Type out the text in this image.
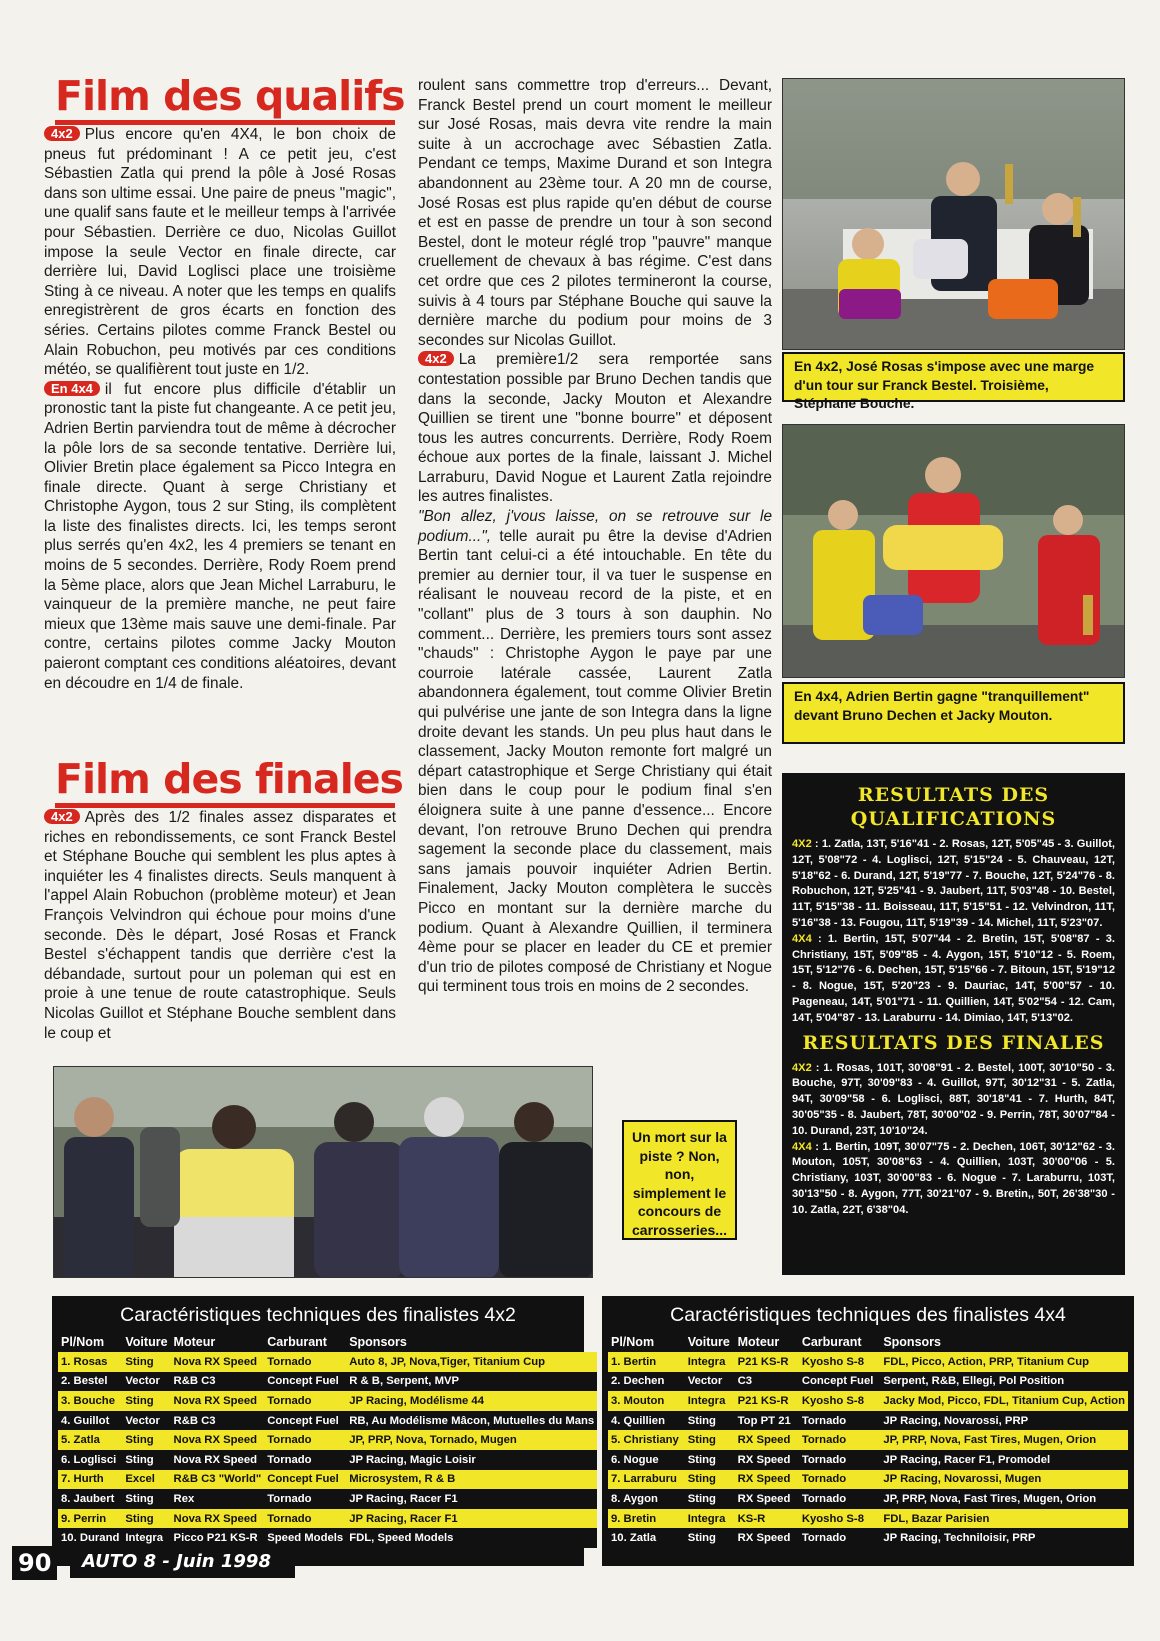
Film des qualifs

4x2 Plus encore qu'en 4X4, le bon choix de pneus fut prédominant ! A ce petit jeu, c'est Sébastien Zatla qui prend la pôle à José Rosas dans son ultime essai. Une paire de pneus "magic", une qualif sans faute et le meilleur temps à l'arrivée pour Sébastien. Derrière ce duo, Nicolas Guillot impose la seule Vector en finale directe, car derrière lui, David Loglisci place une troisième Sting à ce niveau. A noter que les temps en qualifs enregistrèrent de gros écarts en fonction des séries. Certains pilotes comme Franck Bestel ou Alain Robuchon, peu motivés par ces conditions météo, se qualifièrent tout juste en 1/2.

En 4x4 il fut encore plus difficile d'établir un pronostic tant la piste fut changeante. A ce petit jeu, Adrien Bertin parviendra tout de même à décrocher la pôle lors de sa seconde tentative. Derrière lui, Olivier Bretin place également sa Picco Integra en finale directe. Quant à serge Christiany et Christophe Aygon, tous 2 sur Sting, ils complètent la liste des finalistes directs. Ici, les temps seront plus serrés qu'en 4x2, les 4 premiers se tenant en moins de 5 secondes. Derrière, Rody Roem prend la 5ème place, alors que Jean Michel Larraburu, le vainqueur de la première manche, ne peut faire mieux que 13ème mais sauve une demi-finale. Par contre, certains pilotes comme Jacky Mouton paieront comptant ces conditions aléatoires, devant en découdre en 1/4 de finale.

Film des finales

4x2 Après des 1/2 finales assez disparates et riches en rebondissements, ce sont Franck Bestel et Stéphane Bouche qui semblent les plus aptes à inquiéter les 4 finalistes directs. Seuls manquent à l'appel Alain Robuchon (problème moteur) et Jean François Velvindron qui échoue pour moins d'une seconde. Dès le départ, José Rosas et Franck Bestel s'échappent tandis que derrière c'est la débandade, surtout pour un poleman qui est en proie à une tenue de route catastrophique. Seuls Nicolas Guillot et Stéphane Bouche semblent dans le coup et

roulent sans commettre trop d'erreurs... Devant, Franck Bestel prend un court moment le meilleur sur José Rosas, mais devra vite rendre la main suite à un accrochage avec Sébastien Zatla. Pendant ce temps, Maxime Durand et son Integra abandonnent au 23ème tour. A 20 mn de course, José Rosas est plus rapide qu'en début de course et est en passe de prendre un tour à son second Bestel, dont le moteur réglé trop "pauvre" manque cruellement de chevaux à bas régime. C'est dans cet ordre que ces 2 pilotes termineront la course, suivis à 4 tours par Stéphane Bouche qui sauve la dernière marche du podium pour moins de 3 secondes sur Nicolas Guillot.

4x2 La première1/2 sera remportée sans contestation possible par Bruno Dechen tandis que dans la seconde, Jacky Mouton et Alexandre Quillien se tirent une "bonne bourre" et déposent tous les autres concurrents. Derrière, Rody Roem échoue aux portes de la finale, laissant J. Michel Larraburu, David Nogue et Laurent Zatla rejoindre les autres finalistes.

"Bon allez, j'vous laisse, on se retrouve sur le podium...", telle aurait pu être la devise d'Adrien Bertin tant celui-ci a été intouchable. En tête du premier au dernier tour, il va tuer le suspense en réalisant le nouveau record de la piste, et en "collant" plus de 3 tours à son dauphin. No comment... Derrière, les premiers tours sont assez "chauds" : Christophe Aygon le paye par une courroie latérale cassée, Laurent Zatla abandonnera également, tout comme Olivier Bretin qui pulvérise une jante de son Integra dans la ligne droite devant les stands. Un peu plus haut dans le classement, Jacky Mouton remonte fort malgré un départ catastrophique et Serge Christiany qui était bien dans le coup pour le podium final s'en éloignera suite à une panne d'essence... Encore devant, l'on retrouve Bruno Dechen qui prendra sagement la seconde place du classement, mais sans jamais pouvoir inquiéter Adrien Bertin. Finalement, Jacky Mouton complètera le succès Picco en montant sur la dernière marche du podium. Quant à Alexandre Quillien, il terminera 4ème pour se placer en leader du CE et premier d'un trio de pilotes composé de Christiany et Nogue qui terminent tous trois en moins de 2 secondes.

En 4x2, José Rosas s'impose avec une marge d'un tour sur Franck Bestel. Troisième, Stéphane Bouche.
En 4x4, Adrien Bertin gagne "tranquillement" devant Bruno Dechen et Jacky Mouton.
RESULTATS DES QUALIFICATIONS

4X2 : 1. Zatla, 13T, 5'16"41 - 2. Rosas, 12T, 5'05"45 - 3. Guillot, 12T, 5'08"72 - 4. Loglisci, 12T, 5'15"24 - 5. Chauveau, 12T, 5'18"62 - 6. Durand, 12T, 5'19"77 - 7. Bouche, 12T, 5'24"76 - 8. Robuchon, 12T, 5'25"41 - 9. Jaubert, 11T, 5'03"48 - 10. Bestel, 11T, 5'15"38 - 11. Boisseau, 11T, 5'15"51 - 12. Velvindron, 11T, 5'16"38 - 13. Fougou, 11T, 5'19"39 - 14. Michel, 11T, 5'23"07.

4X4 : 1. Bertin, 15T, 5'07"44 - 2. Bretin, 15T, 5'08"87 - 3. Christiany, 15T, 5'09"85 - 4. Aygon, 15T, 5'10"12 - 5. Roem, 15T, 5'12"76 - 6. Dechen, 15T, 5'15"66 - 7. Bitoun, 15T, 5'19"12 - 8. Nogue, 15T, 5'20"23 - 9. Dauriac, 14T, 5'00"57 - 10. Pageneau, 14T, 5'01"71 - 11. Quillien, 14T, 5'02"54 - 12. Cam, 14T, 5'04"87 - 13. Laraburru - 14. Dimiao, 14T, 5'13"02.

RESULTATS DES FINALES

4X2 : 1. Rosas, 101T, 30'08"91 - 2. Bestel, 100T, 30'10"50 - 3. Bouche, 97T, 30'09"83 - 4. Guillot, 97T, 30'12"31 - 5. Zatla, 94T, 30'09"58 - 6. Loglisci, 88T, 30'18"41 - 7. Hurth, 84T, 30'05"35 - 8. Jaubert, 78T, 30'00"02 - 9. Perrin, 78T, 30'07"84 - 10. Durand, 23T, 10'10"24.

4X4 : 1. Bertin, 109T, 30'07"75 - 2. Dechen, 106T, 30'12"62 - 3. Mouton, 105T, 30'08"63 - 4. Quillien, 103T, 30'00"06 - 5. Christiany, 103T, 30'00"83 - 6. Nogue - 7. Laraburru, 103T, 30'13"50 - 8. Aygon, 77T, 30'21"07 - 9. Bretin,, 50T, 26'38"30 - 10. Zatla, 22T, 6'38"04.

Un mort sur la piste ? Non, non, simplement le concours de carrosseries...
Caractéristiques techniques des finalistes 4x2
Pl/Nom	Voiture	Moteur	Carburant	Sponsors
1. Rosas	Sting	Nova RX Speed	Tornado	Auto 8, JP, Nova,Tiger, Titanium Cup
2. Bestel	Vector	R&B C3	Concept Fuel	R & B, Serpent, MVP
3. Bouche	Sting	Nova RX Speed	Tornado	JP Racing, Modélisme 44
4. Guillot	Vector	R&B C3	Concept Fuel	RB, Au Modélisme Mâcon, Mutuelles du Mans
5. Zatla	Sting	Nova RX Speed	Tornado	JP, PRP, Nova, Tornado, Mugen
6. Loglisci	Sting	Nova RX Speed	Tornado	JP Racing, Magic Loisir
7. Hurth	Excel	R&B C3 "World"	Concept Fuel	Microsystem, R & B
8. Jaubert	Sting	Rex	Tornado	JP Racing, Racer F1
9. Perrin	Sting	Nova RX Speed	Tornado	JP Racing, Racer F1
10. Durand	Integra	Picco P21 KS-R	Speed Models	FDL, Speed Models
Caractéristiques techniques des finalistes 4x4
Pl/Nom	Voiture	Moteur	Carburant	Sponsors
1. Bertin	Integra	P21 KS-R	Kyosho S-8	FDL, Picco, Action, PRP, Titanium Cup
2. Dechen	Vector	C3	Concept Fuel	Serpent, R&B, Ellegi, Pol Position
3. Mouton	Integra	P21 KS-R	Kyosho S-8	Jacky Mod, Picco, FDL, Titanium Cup, Action
4. Quillien	Sting	Top PT 21	Tornado	JP Racing, Novarossi, PRP
5. Christiany	Sting	RX Speed	Tornado	JP, PRP, Nova, Fast Tires, Mugen, Orion
6. Nogue	Sting	RX Speed	Tornado	JP Racing, Racer F1, Promodel
7. Larraburu	Sting	RX Speed	Tornado	JP Racing, Novarossi, Mugen
8. Aygon	Sting	RX Speed	Tornado	JP, PRP, Nova, Fast Tires, Mugen, Orion
9. Bretin	Integra	KS-R	Kyosho S-8	FDL, Bazar Parisien
10. Zatla	Sting	RX Speed	Tornado	JP Racing, Techniloisir, PRP
90	AUTO 8 - Juin 1998
